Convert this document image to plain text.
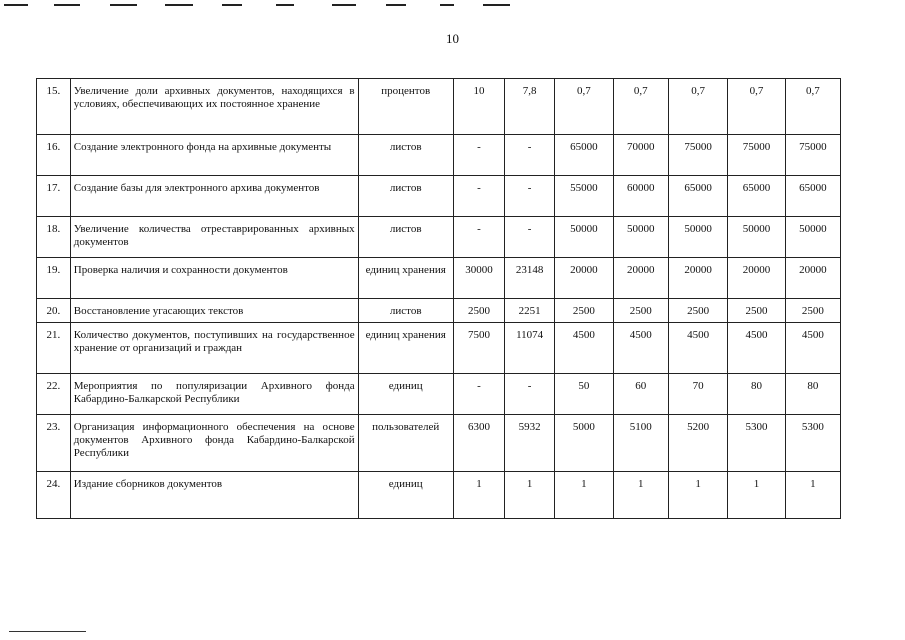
10
15.	Увеличение доли архивных документов, находящихся в условиях, обеспечивающих их постоянное хранение	процентов	10	7,8	0,7	0,7	0,7	0,7	0,7
16.	Создание электронного фонда на архивные документы	листов	-	-	65000	70000	75000	75000	75000
17.	Создание базы для электронного архива документов	листов	-	-	55000	60000	65000	65000	65000
18.	Увеличение количества отреставрированных архивных документов	листов	-	-	50000	50000	50000	50000	50000
19.	Проверка наличия и сохранности документов	единиц хранения	30000	23148	20000	20000	20000	20000	20000
20.	Восстановление угасающих текстов	листов	2500	2251	2500	2500	2500	2500	2500
21.	Количество документов, поступивших на государственное хранение от организаций и граждан	единиц хранения	7500	11074	4500	4500	4500	4500	4500
22.	Мероприятия по популяризации Архивного фонда Кабардино-Балкарской Республики	единиц	-	-	50	60	70	80	80
23.	Организация информационного обеспечения на основе документов Архивного фонда Кабардино-Балкарской Республики	пользователей	6300	5932	5000	5100	5200	5300	5300
24.	Издание сборников документов	единиц	1	1	1	1	1	1	1
